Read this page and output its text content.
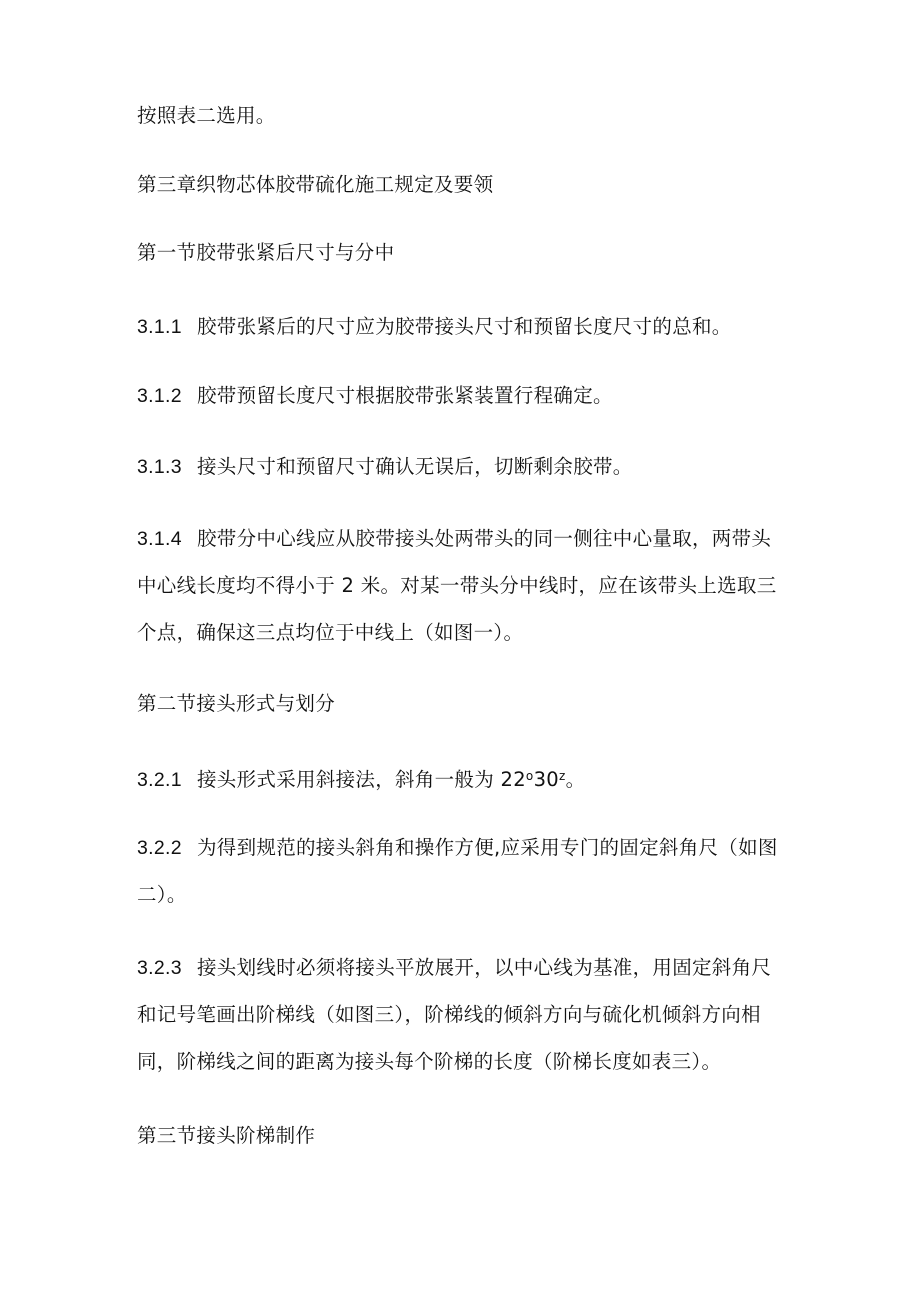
按照表二选用。
第三章织物芯体胶带硫化施工规定及要领
第一节胶带张紧后尺寸与分中
3.1.1 胶带张紧后的尺寸应为胶带接头尺寸和预留长度尺寸的总和。
3.1.2 胶带预留长度尺寸根据胶带张紧装置行程确定。
3.1.3 接头尺寸和预留尺寸确认无误后，切断剩余胶带。
3.1.4 胶带分中心线应从胶带接头处两带头的同一侧往中心量取，两带头
中心线长度均不得小于 2 米。对某一带头分中线时，应在该带头上选取三
个点，确保这三点均位于中线上（如图一）。
第二节接头形式与划分
3.2.1 接头形式采用斜接法，斜角一般为 22$^o$30$^z$。
3.2.2 为得到规范的接头斜角和操作方便,应采用专门的固定斜角尺（如图
二）。
3.2.3 接头划线时必须将接头平放展开，以中心线为基准，用固定斜角尺
和记号笔画出阶梯线（如图三），阶梯线的倾斜方向与硫化机倾斜方向相
同，阶梯线之间的距离为接头每个阶梯的长度（阶梯长度如表三）。
第三节接头阶梯制作
